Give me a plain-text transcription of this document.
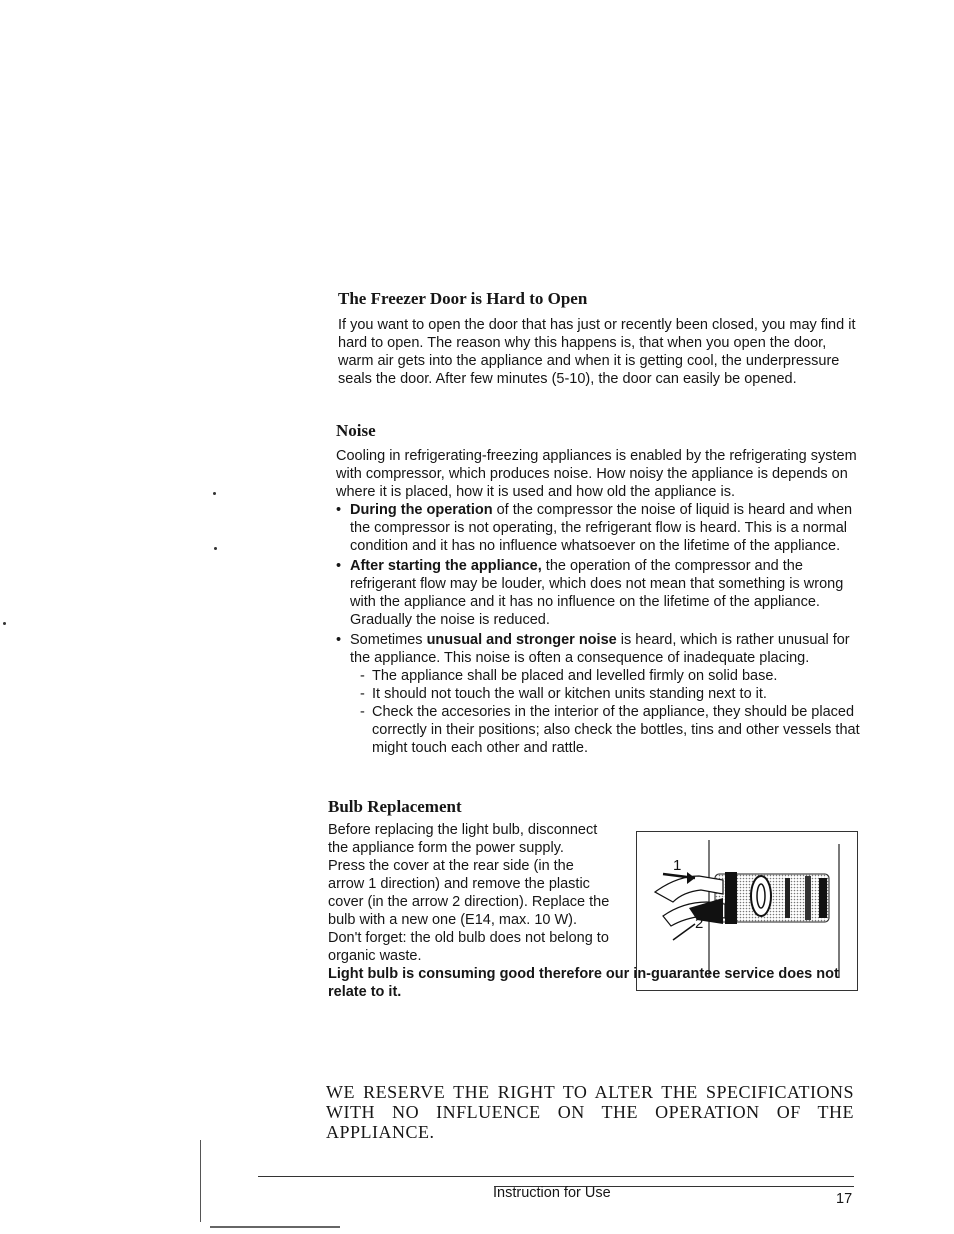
The Freezer Door is Hard to Open

If you want to open the door that has just or recently been closed, you may find it hard to open. The reason why this happens is, that when you open the door, warm air gets into the appliance and when it is getting cool, the underpressure seals the door. After few minutes (5-10), the door can easily be opened.

Noise

Cooling in refrigerating-freezing appliances is enabled by the refrigerating system with compressor, which produces noise. How noisy the appliance is depends on where it is placed, how it is used and how old the appliance is.

• During the operation of the compressor the noise of liquid is heard and when the compressor is not operating, the refrigerant flow is heard. This is a normal condition and it has no influence whatsoever on the lifetime of the appliance.
• After starting the appliance, the operation of the compressor and the refrigerant flow may be louder, which does not mean that something is wrong with the appliance and it has no influence on the lifetime of the appliance. Gradually the noise is reduced.
• Sometimes unusual and stronger noise is heard, which is rather unusual for the appliance. This noise is often a consequence of inadequate placing.
- The appliance shall be placed and levelled firmly on solid base.
- It should not touch the wall or kitchen units standing next to it.
- Check the accesories in the interior of the appliance, they should be placed correctly in their positions; also check the bottles, tins and other vessels that might touch each other and rattle.
Bulb Replacement

Before replacing the light bulb, disconnect the appliance form the power supply.

Press the cover at the rear side (in the arrow 1 direction) and remove the plastic cover (in the arrow 2 direction). Replace the bulb with a new one (E14, max. 10 W).

Don't forget: the old bulb does not belong to organic waste.

Light bulb is consuming good therefore our in-guarantee service does not relate to it.

1
2

WE RESERVE THE RIGHT TO ALTER THE SPECIFICATIONS WITH NO INFLUENCE ON THE OPERATION OF THE APPLIANCE.

Instruction for Use	17
